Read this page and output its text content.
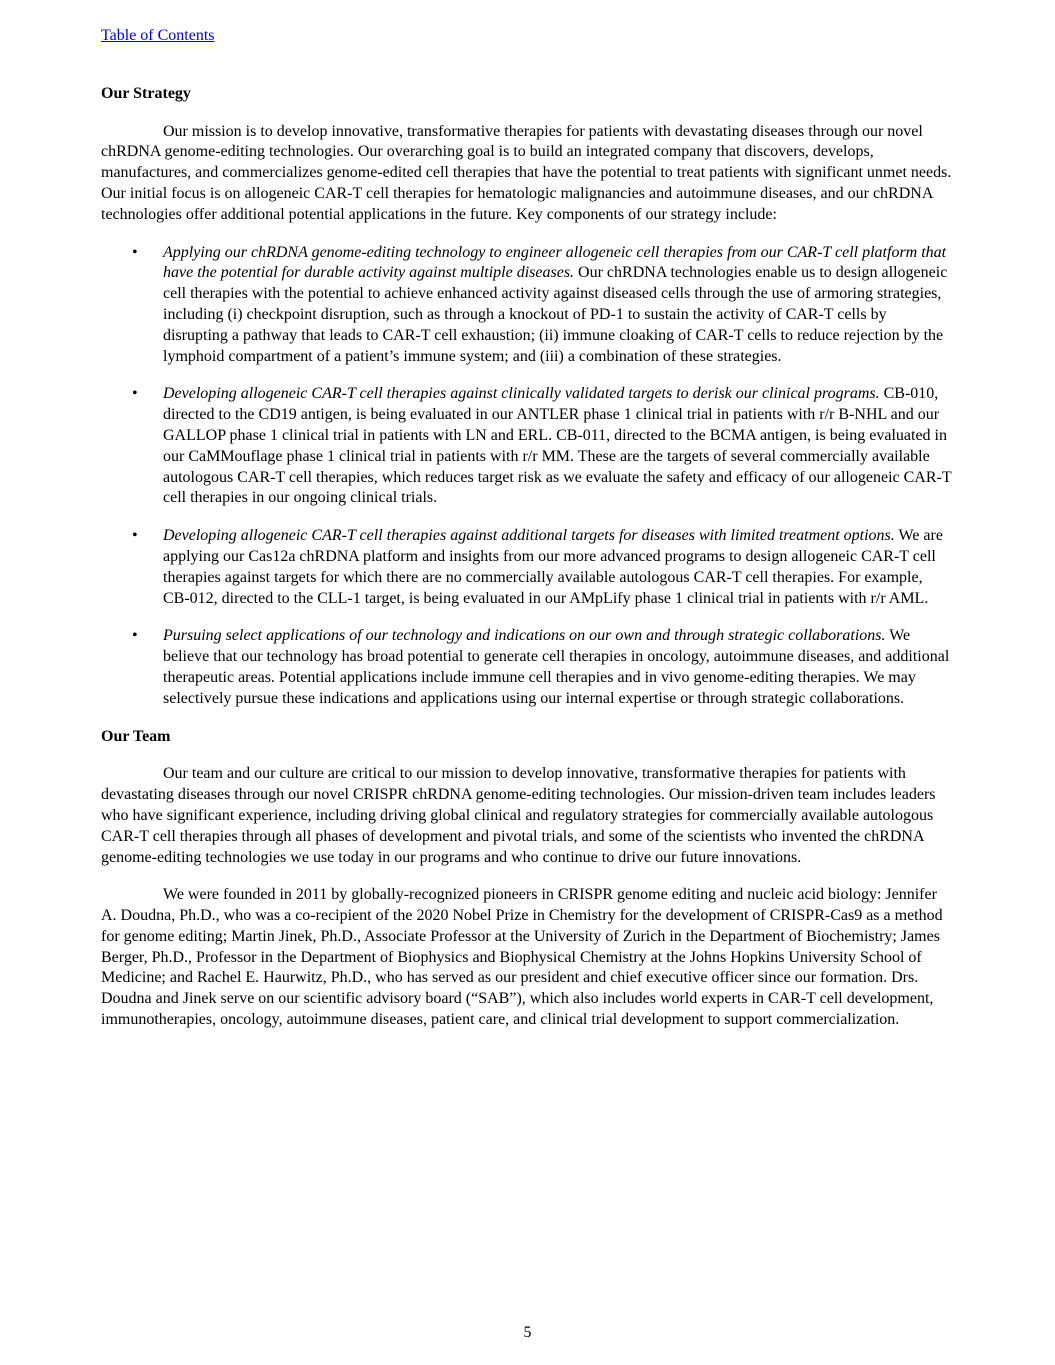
Table of Contents
Our Strategy

Our mission is to develop innovative, transformative therapies for patients with devastating diseases through our novel chRDNA genome-editing technologies. Our overarching goal is to build an integrated company that discovers, develops, manufactures, and commercializes genome-edited cell therapies that have the potential to treat patients with significant unmet needs. Our initial focus is on allogeneic CAR-T cell therapies for hematologic malignancies and autoimmune diseases, and our chRDNA technologies offer additional potential applications in the future. Key components of our strategy include:

• Applying our chRDNA genome-editing technology to engineer allogeneic cell therapies from our CAR-T cell platform that have the potential for durable activity against multiple diseases. Our chRDNA technologies enable us to design allogeneic cell therapies with the potential to achieve enhanced activity against diseased cells through the use of armoring strategies, including (i) checkpoint disruption, such as through a knockout of PD-1 to sustain the activity of CAR-T cells by disrupting a pathway that leads to CAR-T cell exhaustion; (ii) immune cloaking of CAR-T cells to reduce rejection by the lymphoid compartment of a patient’s immune system; and (iii) a combination of these strategies.
• Developing allogeneic CAR-T cell therapies against clinically validated targets to derisk our clinical programs. CB-010, directed to the CD19 antigen, is being evaluated in our ANTLER phase 1 clinical trial in patients with r/r B-NHL and our GALLOP phase 1 clinical trial in patients with LN and ERL. CB-011, directed to the BCMA antigen, is being evaluated in our CaMMouflage phase 1 clinical trial in patients with r/r MM. These are the targets of several commercially available autologous CAR-T cell therapies, which reduces target risk as we evaluate the safety and efficacy of our allogeneic CAR-T cell therapies in our ongoing clinical trials.
• Developing allogeneic CAR-T cell therapies against additional targets for diseases with limited treatment options. We are applying our Cas12a chRDNA platform and insights from our more advanced programs to design allogeneic CAR-T cell therapies against targets for which there are no commercially available autologous CAR-T cell therapies. For example, CB-012, directed to the CLL-1 target, is being evaluated in our AMpLify phase 1 clinical trial in patients with r/r AML.
• Pursuing select applications of our technology and indications on our own and through strategic collaborations. We believe that our technology has broad potential to generate cell therapies in oncology, autoimmune diseases, and additional therapeutic areas. Potential applications include immune cell therapies and in vivo genome-editing therapies. We may selectively pursue these indications and applications using our internal expertise or through strategic collaborations.
Our Team

Our team and our culture are critical to our mission to develop innovative, transformative therapies for patients with devastating diseases through our novel CRISPR chRDNA genome-editing technologies. Our mission-driven team includes leaders who have significant experience, including driving global clinical and regulatory strategies for commercially available autologous CAR-T cell therapies through all phases of development and pivotal trials, and some of the scientists who invented the chRDNA genome-editing technologies we use today in our programs and who continue to drive our future innovations.

We were founded in 2011 by globally-recognized pioneers in CRISPR genome editing and nucleic acid biology: Jennifer A. Doudna, Ph.D., who was a co-recipient of the 2020 Nobel Prize in Chemistry for the development of CRISPR-Cas9 as a method for genome editing; Martin Jinek, Ph.D., Associate Professor at the University of Zurich in the Department of Biochemistry; James Berger, Ph.D., Professor in the Department of Biophysics and Biophysical Chemistry at the Johns Hopkins University School of Medicine; and Rachel E. Haurwitz, Ph.D., who has served as our president and chief executive officer since our formation. Drs. Doudna and Jinek serve on our scientific advisory board (“SAB”), which also includes world experts in CAR-T cell development, immunotherapies, oncology, autoimmune diseases, patient care, and clinical trial development to support commercialization.

5
